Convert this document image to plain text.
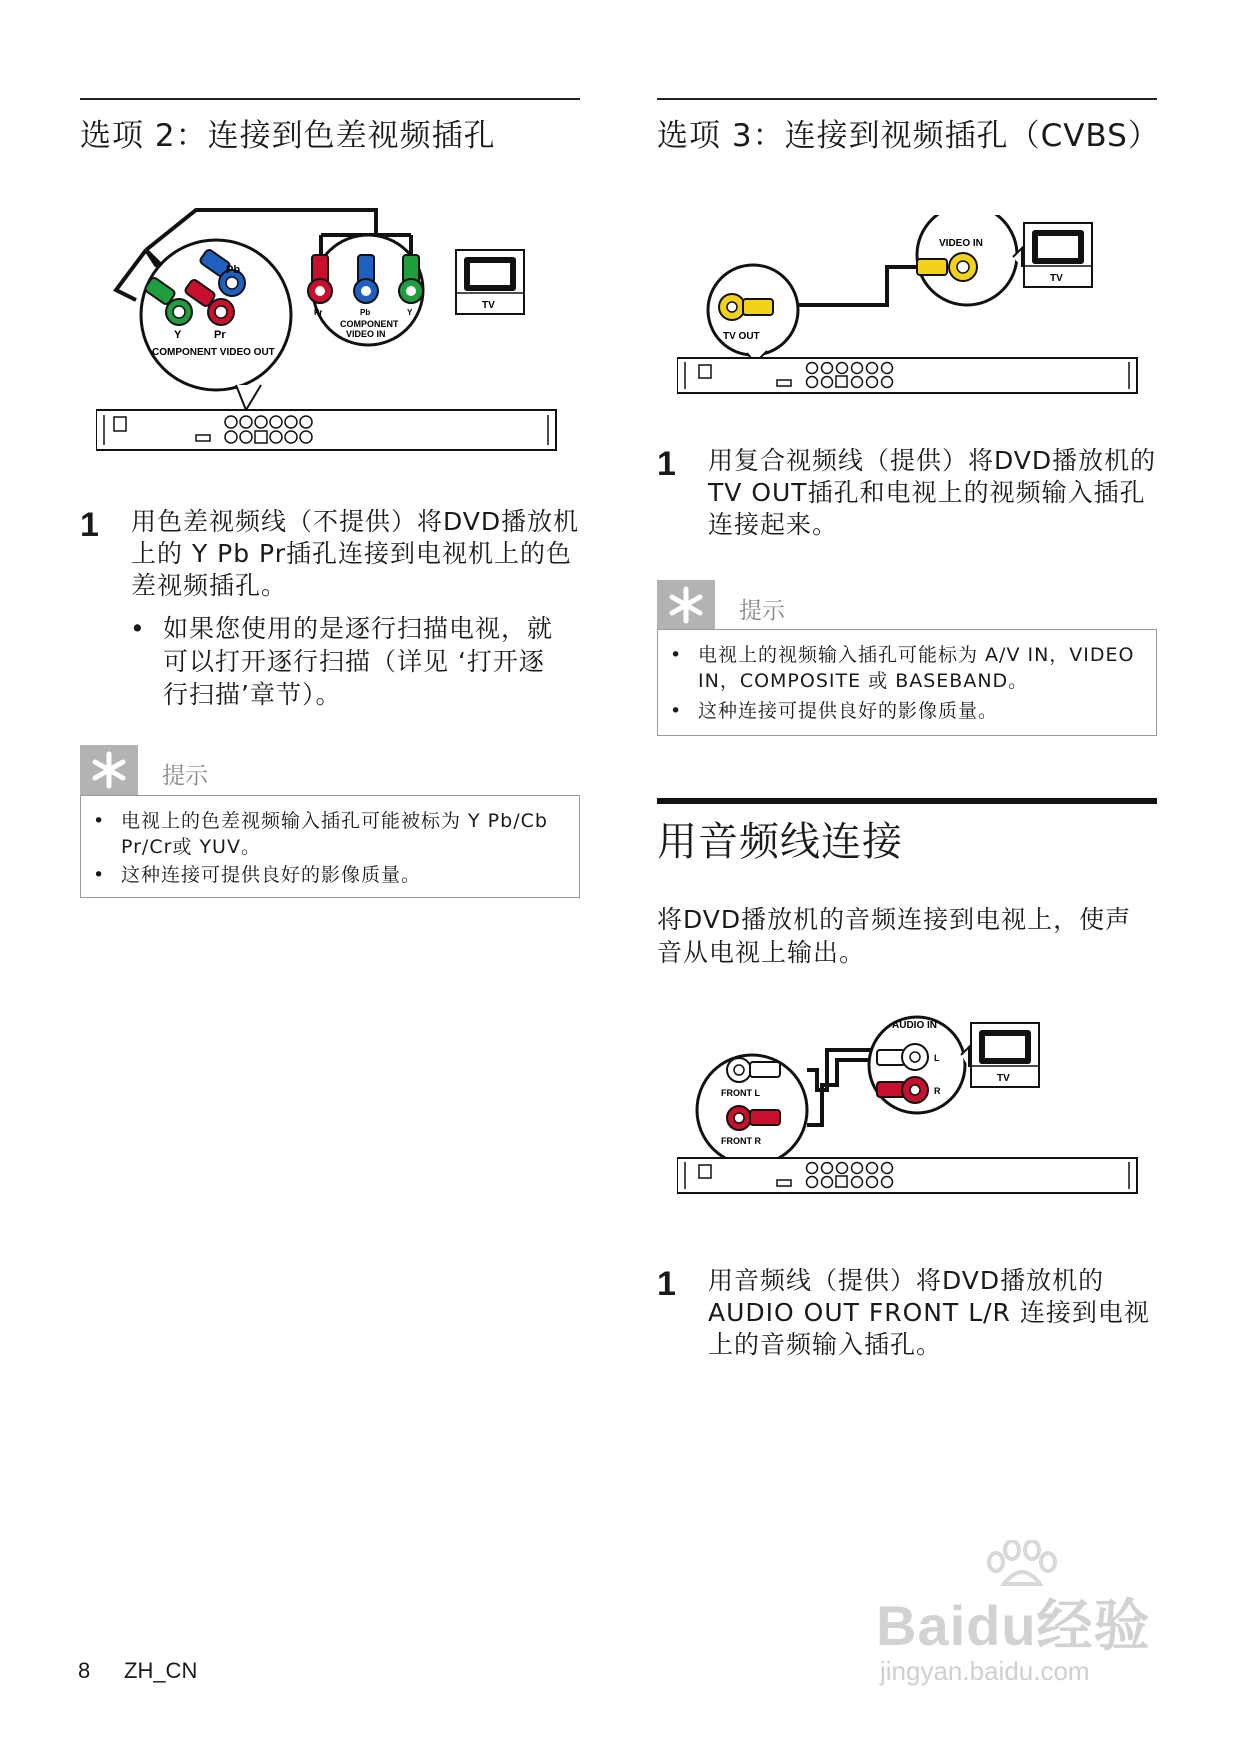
选项 2：连接到色差视频插孔
Pb
Y	Pr
COMPONENT VIDEO OUT
Pr	Pb	Y
COMPONENT
VIDEO IN
TV
1 用色差视频线（不提供）将DVD播放机上的 Y Pb Pr插孔连接到电视机上的色差视频插孔。

• 如果您使用的是逐行扫描电视，就可以打开逐行扫描（详见 ‘打开逐行扫描’章节）。

提示
• 电视上的色差视频输入插孔可能被标为 Y Pb/Cb Pr/Cr或 YUV。

• 这种连接可提供良好的影像质量。

选项 3：连接到视频插孔（CVBS）
VIDEO IN
TV
TV OUT
1 用复合视频线（提供）将DVD播放机的TV OUT插孔和电视上的视频输入插孔连接起来。

提示
• 电视上的视频输入插孔可能标为 A/V IN，VIDEO IN，COMPOSITE 或 BASEBAND。

• 这种连接可提供良好的影像质量。

用音频线连接

将DVD播放机的音频连接到电视上，使声音从电视上输出。

AUDIO IN
L
R
TV
FRONT L
FRONT R
1 用音频线（提供）将DVD播放机的AUDIO OUT FRONT L/R 连接到电视上的音频输入插孔。

8 ZH_CN
Baidu经验
jingyan.baidu.com
